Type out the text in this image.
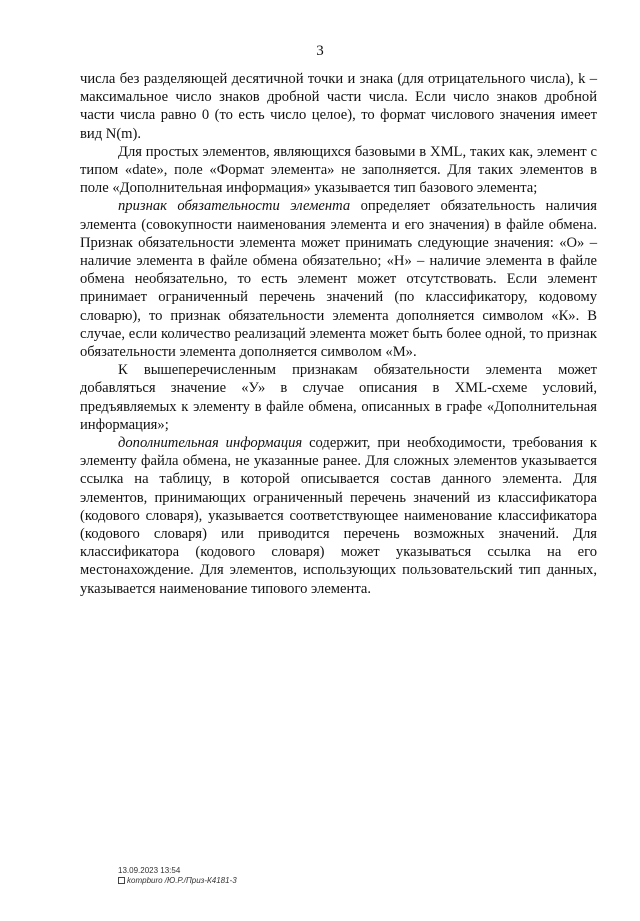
3

числа без разделяющей десятичной точки и знака (для отрицательного числа), k – максимальное число знаков дробной части числа. Если число знаков дробной части числа равно 0 (то есть число целое), то формат числового значения имеет вид N(m).

Для простых элементов, являющихся базовыми в XML, таких как, элемент с типом «date», поле «Формат элемента» не заполняется. Для таких элементов в поле «Дополнительная информация» указывается тип базового элемента;

признак обязательности элемента определяет обязательность наличия элемента (совокупности наименования элемента и его значения) в файле обмена. Признак обязательности элемента может принимать следующие значения: «О» – наличие элемента в файле обмена обязательно; «Н» – наличие элемента в файле обмена необязательно, то есть элемент может отсутствовать. Если элемент принимает ограниченный перечень значений (по классификатору, кодовому словарю), то признак обязательности элемента дополняется символом «К». В случае, если количество реализаций элемента может быть более одной, то признак обязательности элемента дополняется символом «М».

К вышеперечисленным признакам обязательности элемента может добавляться значение «У» в случае описания в XML-схеме условий, предъявляемых к элементу в файле обмена, описанных в графе «Дополнительная информация»;

дополнительная информация содержит, при необходимости, требования к элементу файла обмена, не указанные ранее. Для сложных элементов указывается ссылка на таблицу, в которой описывается состав данного элемента. Для элементов, принимающих ограниченный перечень значений из классификатора (кодового словаря), указывается соответствующее наименование классификатора (кодового словаря) или приводится перечень возможных значений. Для классификатора (кодового словаря) может указываться ссылка на его местонахождение. Для элементов, использующих пользовательский тип данных, указывается наименование типового элемента.

13.09.2023 13:54
kompburo /Ю.Р./Приз-К4181-3
